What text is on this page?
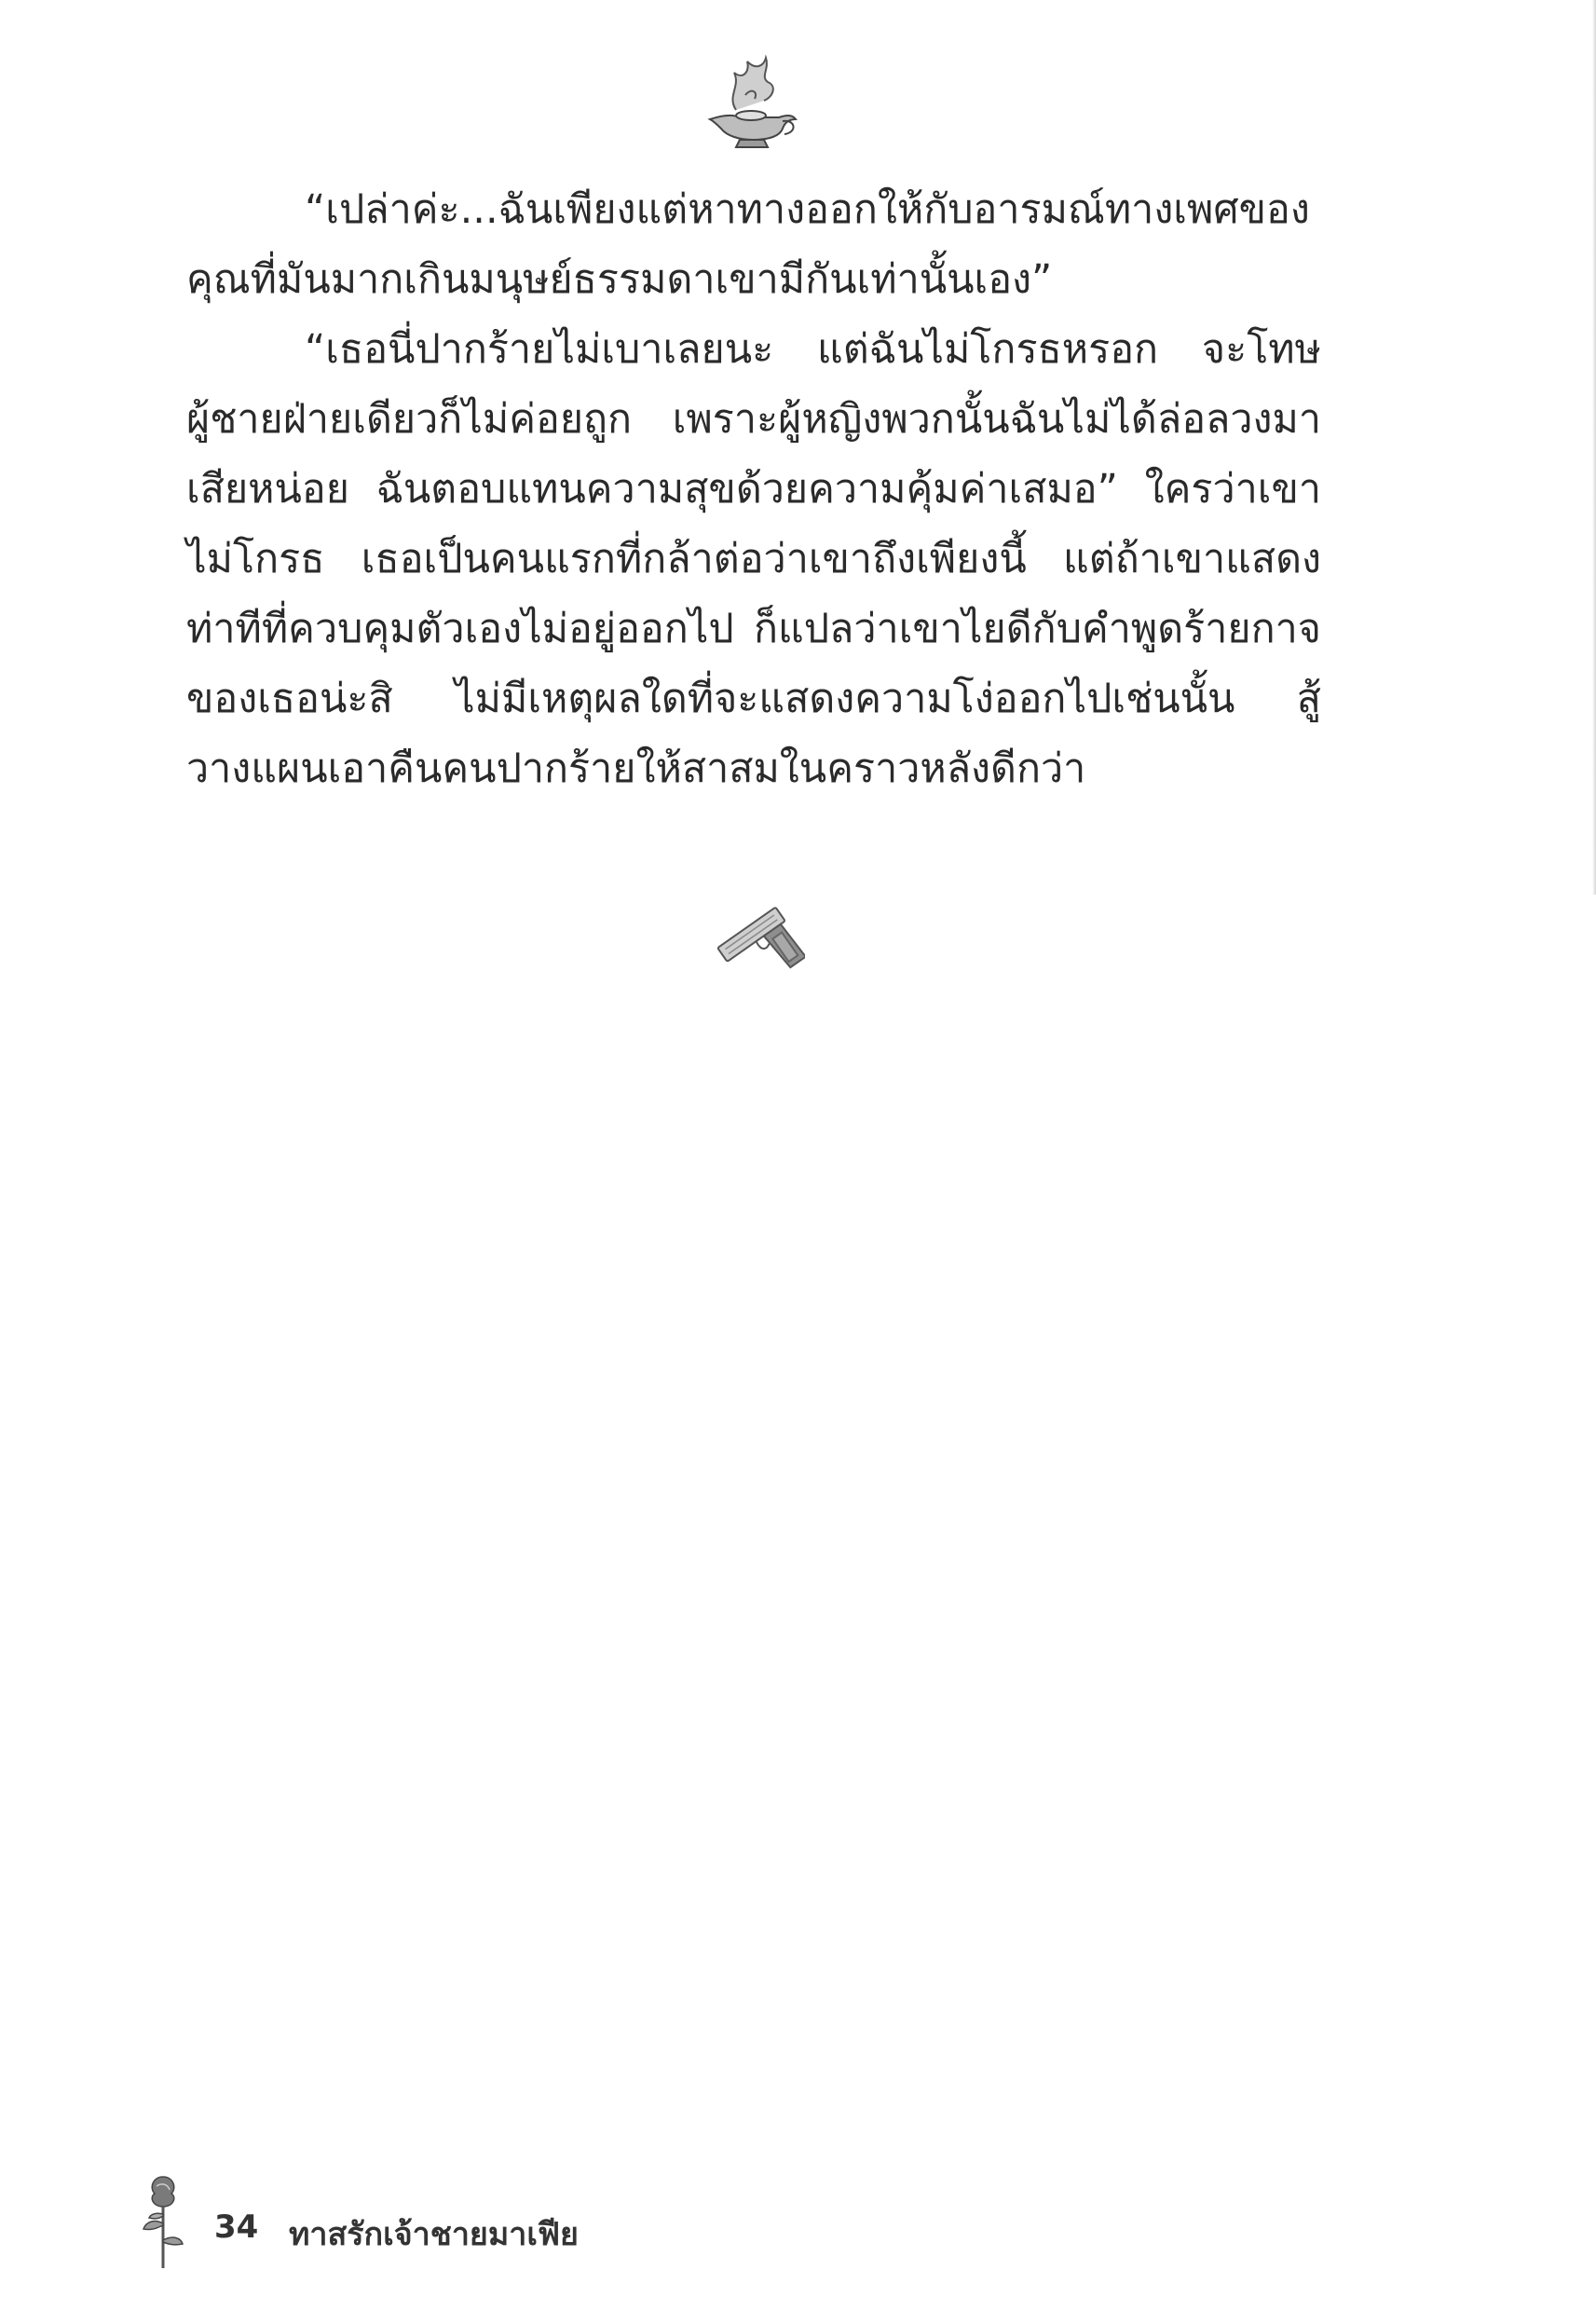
“เปล่าค่ะ...ฉันเพียงแต่หาทางออกให้กับอารมณ์ทางเพศของคุณที่มันมากเกินมนุษย์ธรรมดาเขามีกันเท่านั้นเอง”

“เธอนี่ปากร้ายไม่เบาเลยนะ แต่ฉันไม่โกรธหรอก จะโทษผู้ชายฝ่ายเดียวก็ไม่ค่อยถูก เพราะผู้หญิงพวกนั้นฉันไม่ได้ล่อลวงมาเสียหน่อย ฉันตอบแทนความสุขด้วยความคุ้มค่าเสมอ” ใครว่าเขาไม่โกรธ เธอเป็นคนแรกที่กล้าต่อว่าเขาถึงเพียงนี้ แต่ถ้าเขาแสดงท่าทีที่ควบคุมตัวเองไม่อยู่ออกไป ก็แปลว่าเขาไยดีกับคำพูดร้ายกาจของเธอน่ะสิ ไม่มีเหตุผลใดที่จะแสดงความโง่ออกไปเช่นนั้น สู้วางแผนเอาคืนคนปากร้ายให้สาสมในคราวหลังดีกว่า

34 ทาสรักเจ้าชายมาเฟีย
